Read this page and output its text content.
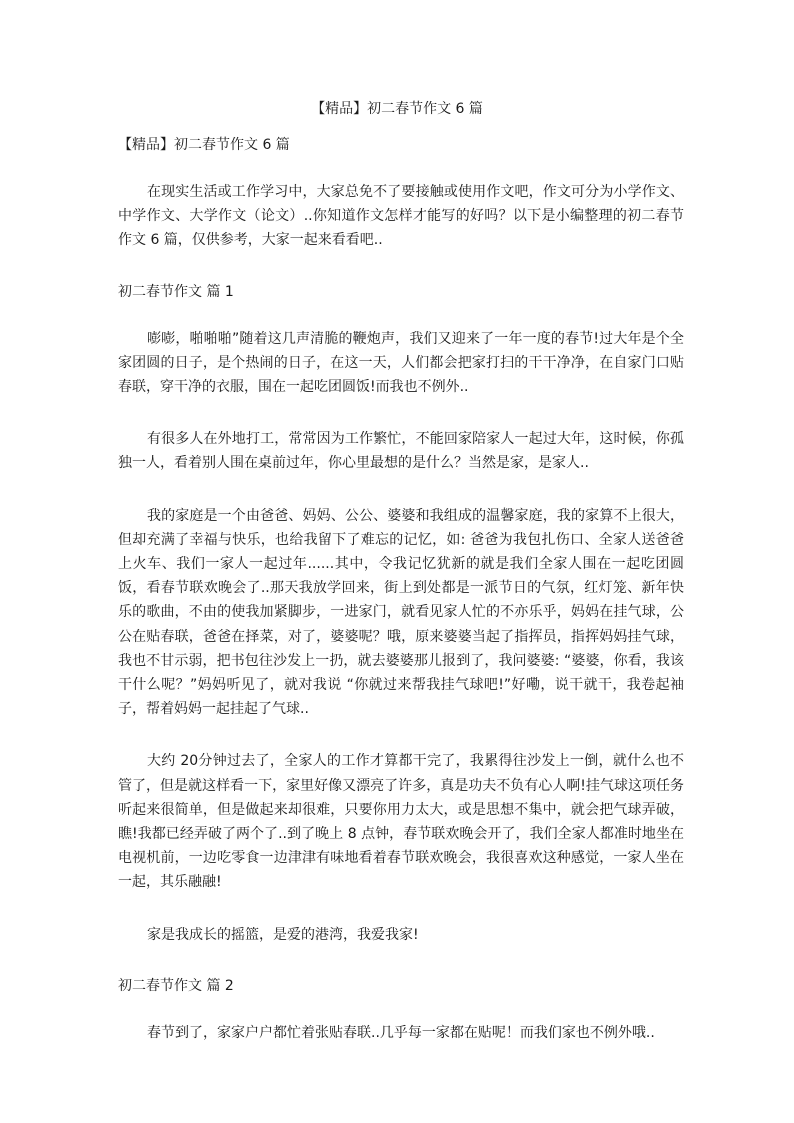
【精品】初二春节作文 6 篇

【精品】初二春节作文 6 篇

在现实生活或工作学习中，大家总免不了要接触或使用作文吧，作文可分为小学作文、中学作文、大学作文（论文）..你知道作文怎样才能写的好吗？以下是小编整理的初二春节作文 6 篇，仅供参考，大家一起来看看吧..

初二春节作文 篇 1

嘭嘭，啪啪啪”随着这几声清脆的鞭炮声，我们又迎来了一年一度的春节!过大年是个全家团圆的日子，是个热闹的日子，在这一天，人们都会把家打扫的干干净净，在自家门口贴春联，穿干净的衣服，围在一起吃团圆饭!而我也不例外..

有很多人在外地打工，常常因为工作繁忙，不能回家陪家人一起过大年，这时候，你孤独一人，看着别人围在桌前过年，你心里最想的是什么？当然是家，是家人..

我的家庭是一个由爸爸、妈妈、公公、婆婆和我组成的温馨家庭，我的家算不上很大，但却充满了幸福与快乐，也给我留下了难忘的记忆，如: 爸爸为我包扎伤口、全家人送爸爸上火车、我们一家人一起过年......其中，令我记忆犹新的就是我们全家人围在一起吃团圆饭，看春节联欢晚会了..那天我放学回来，街上到处都是一派节日的气氛，红灯笼、新年快乐的歌曲，不由的使我加紧脚步，一进家门，就看见家人忙的不亦乐乎，妈妈在挂气球，公公在贴春联，爸爸在择菜，对了，婆婆呢？哦，原来婆婆当起了指挥员，指挥妈妈挂气球，我也不甘示弱，把书包往沙发上一扔，就去婆婆那儿报到了，我问婆婆: “婆婆，你看，我该干什么呢？”妈妈听见了，就对我说 “你就过来帮我挂气球吧!”好嘞，说干就干，我卷起袖子，帮着妈妈一起挂起了气球..

大约 20分钟过去了，全家人的工作才算都干完了，我累得往沙发上一倒，就什么也不管了，但是就这样看一下，家里好像又漂亮了许多，真是功夫不负有心人啊!挂气球这项任务听起来很简单，但是做起来却很难，只要你用力太大，或是思想不集中，就会把气球弄破，瞧!我都已经弄破了两个了..到了晚上 8 点钟，春节联欢晚会开了，我们全家人都准时地坐在电视机前，一边吃零食一边津津有味地看着春节联欢晚会，我很喜欢这种感觉，一家人坐在一起，其乐融融!

家是我成长的摇篮，是爱的港湾，我爱我家!

初二春节作文 篇 2

春节到了，家家户户都忙着张贴春联..几乎每一家都在贴呢！而我们家也不例外哦..
